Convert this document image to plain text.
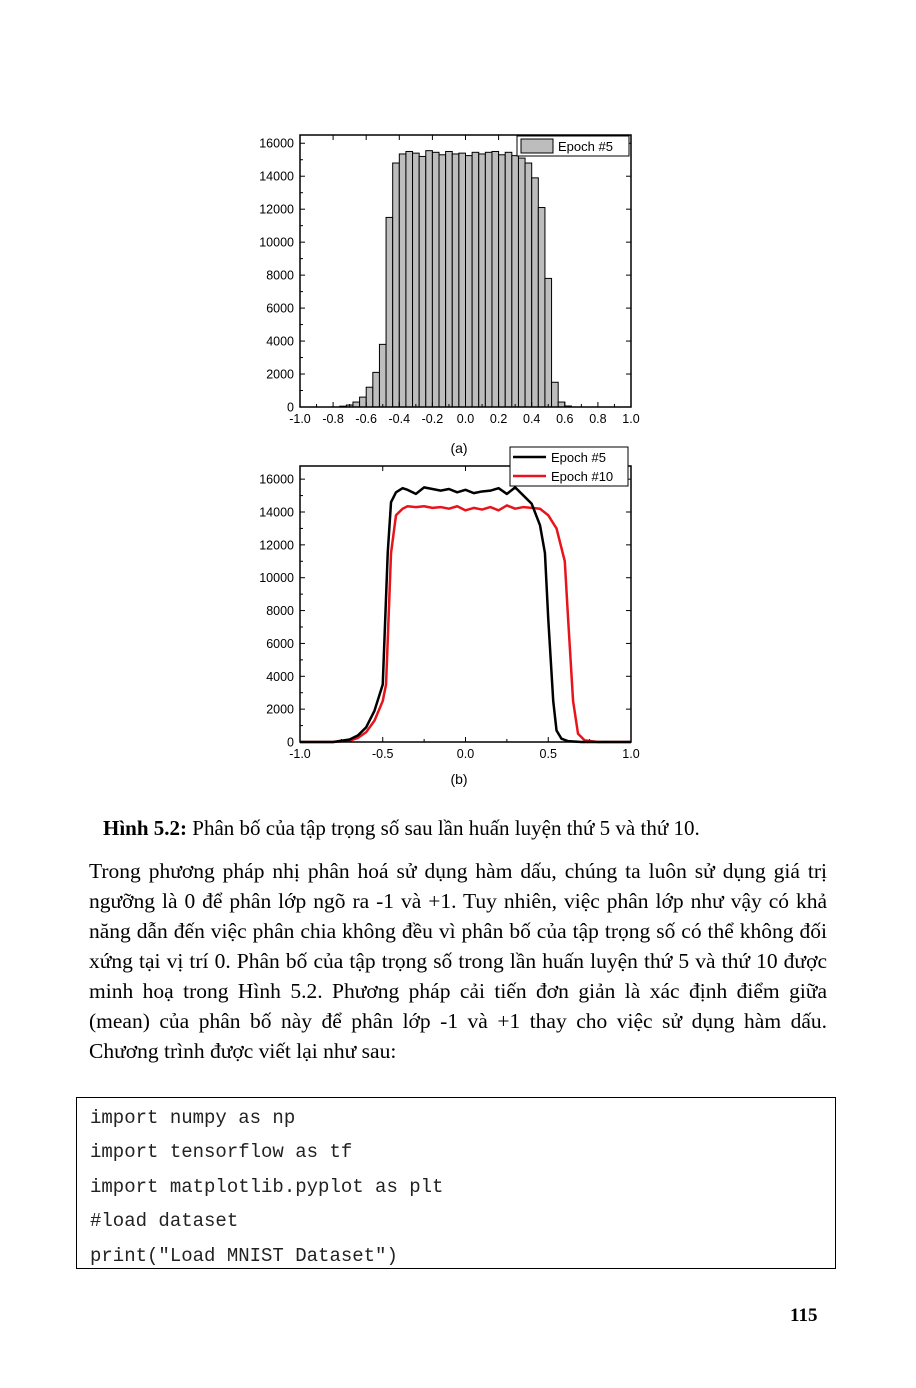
-1.0 -0.8 -0.6 -0.4 -0.2 0.0 0.2 0.4 0.6 0.8 1.0
0
2000
4000
6000
8000
10000
12000
14000
16000	Epoch #5
(a)
-1.0	-0.5	0.0	0.5	1.0
0
2000
4000
6000
8000
10000
12000
14000
16000
Epoch #5
Epoch #10
(b)
Hình 5.2: Phân bố của tập trọng số sau lần huấn luyện thứ 5 và thứ 10.
Trong phương pháp nhị phân hoá sử dụng hàm dấu, chúng ta luôn sử dụng giá trị ngưỡng là 0 để phân lớp ngõ ra -1 và +1. Tuy nhiên, việc phân lớp như vậy có khả năng dẫn đến việc phân chia không đều vì phân bố của tập trọng số có thể không đối xứng tại vị trí 0. Phân bố của tập trọng số trong lần huấn luyện thứ 5 và thứ 10 được minh hoạ trong Hình 5.2. Phương pháp cải tiến đơn giản là xác định điểm giữa (mean) của phân bố này để phân lớp -1 và +1 thay cho việc sử dụng hàm dấu. Chương trình được viết lại như sau:
import numpy as np
import tensorflow as tf
import matplotlib.pyplot as plt
#load dataset
print("Load MNIST Dataset")
115
